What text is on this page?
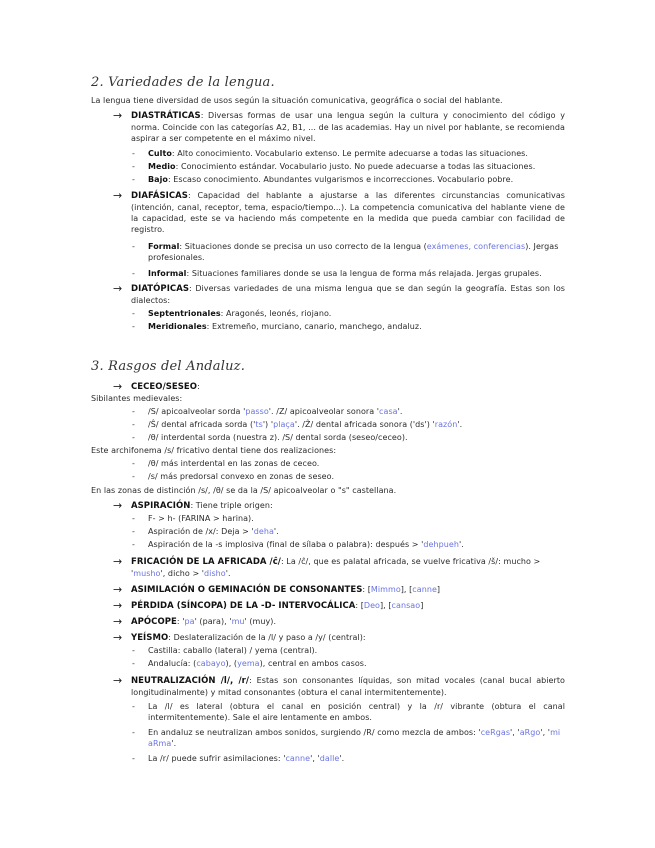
2. Variedades de la lengua.
La lengua tiene diversidad de usos según la situación comunicativa, geográfica o social del hablante.
→ DIASTRÁTICAS: Diversas formas de usar una lengua según la cultura y conocimiento del código y norma. Coincide con las categorías A2, B1, ... de las academias. Hay un nivel por hablante, se recomienda aspirar a ser competente en el máximo nivel.
- Culto: Alto conocimiento. Vocabulario extenso. Le permite adecuarse a todas las situaciones.
- Medio: Conocimiento estándar. Vocabulario justo. No puede adecuarse a todas las situaciones.
- Bajo: Escaso conocimiento. Abundantes vulgarismos e incorrecciones. Vocabulario pobre.
→ DIAFÁSICAS: Capacidad del hablante a ajustarse a las diferentes circunstancias comunicativas (intención, canal, receptor, tema, espacio/tiempo...). La competencia comunicativa del hablante viene de la capacidad, este se va haciendo más competente en la medida que pueda cambiar con facilidad de registro.
- Formal: Situaciones donde se precisa un uso correcto de la lengua (exámenes, conferencias). Jergas profesionales.
- Informal: Situaciones familiares donde se usa la lengua de forma más relajada. Jergas grupales.
→ DIATÓPICAS: Diversas variedades de una misma lengua que se dan según la geografía. Estas son los dialectos:
- Septentrionales: Aragonés, leonés, riojano.
- Meridionales: Extremeño, murciano, canario, manchego, andaluz.
3. Rasgos del Andaluz.
→ CECEO/SESEO:
Sibilantes medievales:
- /S/ apicoalveolar sorda 'passo'. /Z/ apicoalveolar sonora 'casa'.
- /Ŝ/ dental africada sorda ('ts') 'plaça'. /Ẑ/ dental africada sonora ('ds') 'razón'.
- /θ/ interdental sorda (nuestra z). /S/ dental sorda (seseo/ceceo).
Este archifonema /s/ fricativo dental tiene dos realizaciones:
- /θ/ más interdental en las zonas de ceceo.
- /s/ más predorsal convexo en zonas de seseo.
En las zonas de distinción /s/, /θ/ se da la /S/ apicoalveolar o "s" castellana.
→ ASPIRACIÓN: Tiene triple origen:
- F- > h- (FARINA > harina).
- Aspiración de /x/: Deja > 'deha'.
- Aspiración de la -s implosiva (final de sílaba o palabra): después > 'dehpueh'.
→ FRICACIÓN DE LA AFRICADA /ĉ/: La /ĉ/, que es palatal africada, se vuelve fricativa /š/: mucho > 'musho', dicho > 'disho'.
→ ASIMILACIÓN O GEMINACIÓN DE CONSONANTES: [Mimmo], [canne]
→ PÉRDIDA (SÍNCOPA) DE LA -D- INTERVOCÁLICA: [Deo], [cansao]
→ APÓCOPE: 'pa' (para), 'mu' (muy).
→ YEÍSMO: Deslateralización de la /l/ y paso a /y/ (central):
- Castilla: caballo (lateral) / yema (central).
- Andalucía: (cabayo), (yema), central en ambos casos.
→ NEUTRALIZACIÓN /l/, /r/: Estas son consonantes líquidas, son mitad vocales (canal bucal abierto longitudinalmente) y mitad consonantes (obtura el canal intermitentemente).
- La /l/ es lateral (obtura el canal en posición central) y la /r/ vibrante (obtura el canal intermitentemente). Sale el aire lentamente en ambos.
- En andaluz se neutralizan ambos sonidos, surgiendo /R/ como mezcla de ambos: 'ceRgas', 'aRgo', 'mi aRma'.
- La /r/ puede sufrir asimilaciones: 'canne', 'dalle'.
